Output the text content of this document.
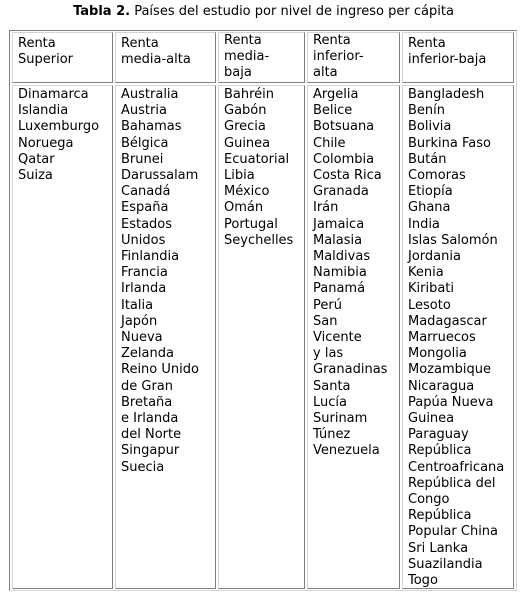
Tabla 2. Países del estudio por nivel de ingreso per cápita
Renta
Superior
Renta
media-alta
Renta
media-
baja
Renta
inferior-
alta
Renta
inferior-baja
Dinamarca
Islandia
Luxemburgo
Noruega
Qatar
Suiza
Australia
Austria
Bahamas
Bélgica
Brunei
Darussalam
Canadá
España
Estados
Unidos
Finlandia
Francia
Irlanda
Italia
Japón
Nueva
Zelanda
Reino Unido
de Gran
Bretaña
e Irlanda
del Norte
Singapur
Suecia
Bahréin
Gabón
Grecia
Guinea
Ecuatorial
Libia
México
Omán
Portugal
Seychelles
Argelia
Belice
Botsuana
Chile
Colombia
Costa Rica
Granada
Irán
Jamaica
Malasia
Maldivas
Namibia
Panamá
Perú
San
Vicente
y las
Granadinas
Santa
Lucía
Surinam
Túnez
Venezuela
Bangladesh
Benín
Bolivia
Burkina Faso
Bután
Comoras
Etiopía
Ghana
India
Islas Salomón
Jordania
Kenia
Kiribati
Lesoto
Madagascar
Marruecos
Mongolia
Mozambique
Nicaragua
Papúa Nueva
Guinea
Paraguay
República
Centroafricana
República del
Congo
República
Popular China
Sri Lanka
Suazilandia
Togo
